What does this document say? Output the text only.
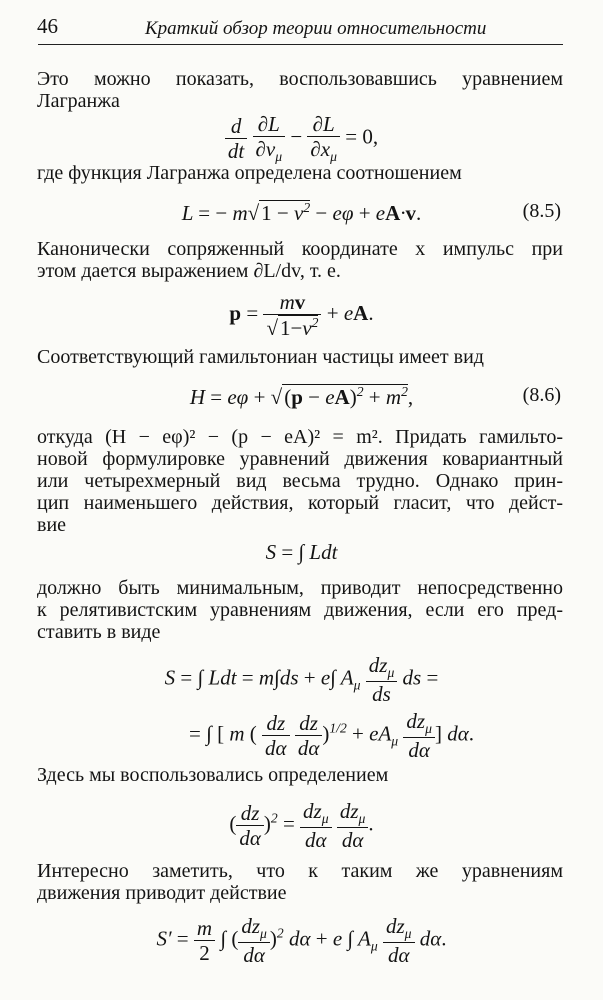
46	Краткий обзор теории относительности
Это можно показать, воспользовавшись уравнением
Лагранжа
$\frac{d}{dt}$
$\frac{\partial L}{\partial v_\mu} - \frac{\partial L}{\partial x_\mu} = 0$,
где функция Лагранжа определена соотношением
L = − $m√1 - v^2 - e\varphi + eA\cdot v$.	(8.5)
Канонически сопряженный координате x импульс при
этом дается выражением ∂L/dv, т. е.
$p = \frac{mv}{√1-v^2}$ + eA.
Соответствующий гамильтониан частицы имеет вид
$H = e\varphi + √(p - eA)^2 + m^2$,	(8.6)
откуда (H − eφ)² − (p − eA)² = m². Придать гамильто-
новой формулировке уравнений движения ковариантный
или четырехмерный вид весьма трудно. Однако прин-
цип наименьшего действия, который гласит, что дейст-
вие
S = ∫ Ldt
должно быть минимальным, приводит непосредственно
к релятивистским уравнениям движения, если его пред-
ставить в виде
S = ∫ Ldt = m∫ds + e∫ $A_\mu \frac{dz_\mu}{ds}$ ds =
= ∫ [ m ( $\frac{dz}{d\alpha}$
$\frac{dz}{d\alpha} )^{1/2} + eA_\mu \frac{dz_\mu}{d\alpha}$ ] dα.
Здесь мы воспользовались определением
( $\frac{dz}{d\alpha} )^2 = \frac{dz_\mu}{d\alpha}$
$\frac{dz_\mu}{d\alpha}$ .
Интересно заметить, что к таким же уравнениям
движения приводит действие
$S' = \frac{m}{2}$ ∫ ( $\frac{dz_\mu}{d\alpha} )^2$ dα + e ∫ $A_\mu \frac{dz_\mu}{d\alpha} d\alpha$.
